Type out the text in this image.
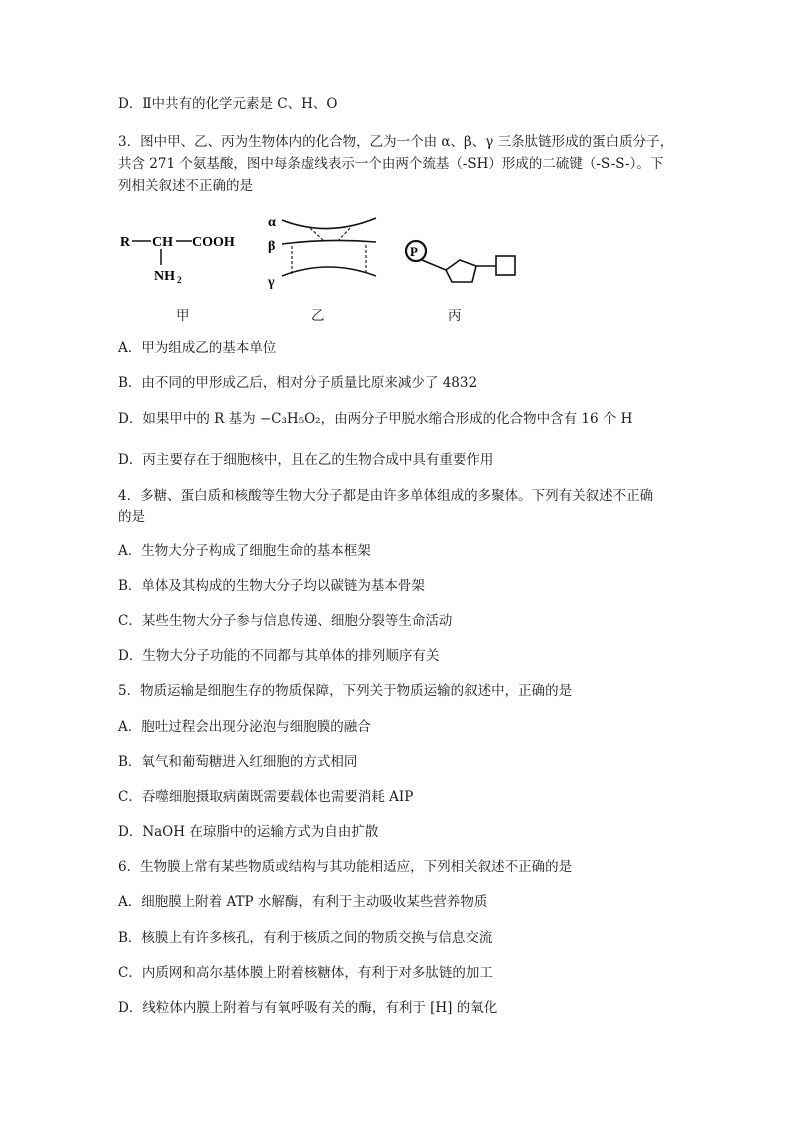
D．Ⅱ中共有的化学元素是 C、H、O
3．图中甲、乙、丙为生物体内的化合物，乙为一个由 α、β、γ 三条肽链形成的蛋白质分子，
共含 271 个氨基酸，图中每条虚线表示一个由两个巯基（-SH）形成的二硫键（-S-S-）。下
列相关叙述不正确的是
R CH COOH
NH 2
α
β
γ
P
甲	乙	丙
A．甲为组成乙的基本单位
B．由不同的甲形成乙后，相对分子质量比原来减少了 4832
D．如果甲中的 R 基为 −C₃H₅O₂，由两分子甲脱水缩合形成的化合物中含有 16 个 H
D．丙主要存在于细胞核中，且在乙的生物合成中具有重要作用
4．多糖、蛋白质和核酸等生物大分子都是由许多单体组成的多聚体。下列有关叙述不正确
的是
A．生物大分子构成了细胞生命的基本框架
B．单体及其构成的生物大分子均以碳链为基本骨架
C．某些生物大分子参与信息传递、细胞分裂等生命活动
D．生物大分子功能的不同都与其单体的排列顺序有关
5．物质运输是细胞生存的物质保障，下列关于物质运输的叙述中，正确的是
A．胞吐过程会出现分泌泡与细胞膜的融合
B．氧气和葡萄糖进入红细胞的方式相同
C．吞噬细胞摄取病菌既需要载体也需要消耗 AIP
D．NaOH 在琼脂中的运输方式为自由扩散
6．生物膜上常有某些物质或结构与其功能相适应，下列相关叙述不正确的是
A．细胞膜上附着 ATP 水解酶，有利于主动吸收某些营养物质
B．核膜上有许多核孔，有利于核质之间的物质交换与信息交流
C．内质网和高尔基体膜上附着核糖体，有利于对多肽链的加工
D．线粒体内膜上附着与有氧呼吸有关的酶，有利于 [H] 的氧化
